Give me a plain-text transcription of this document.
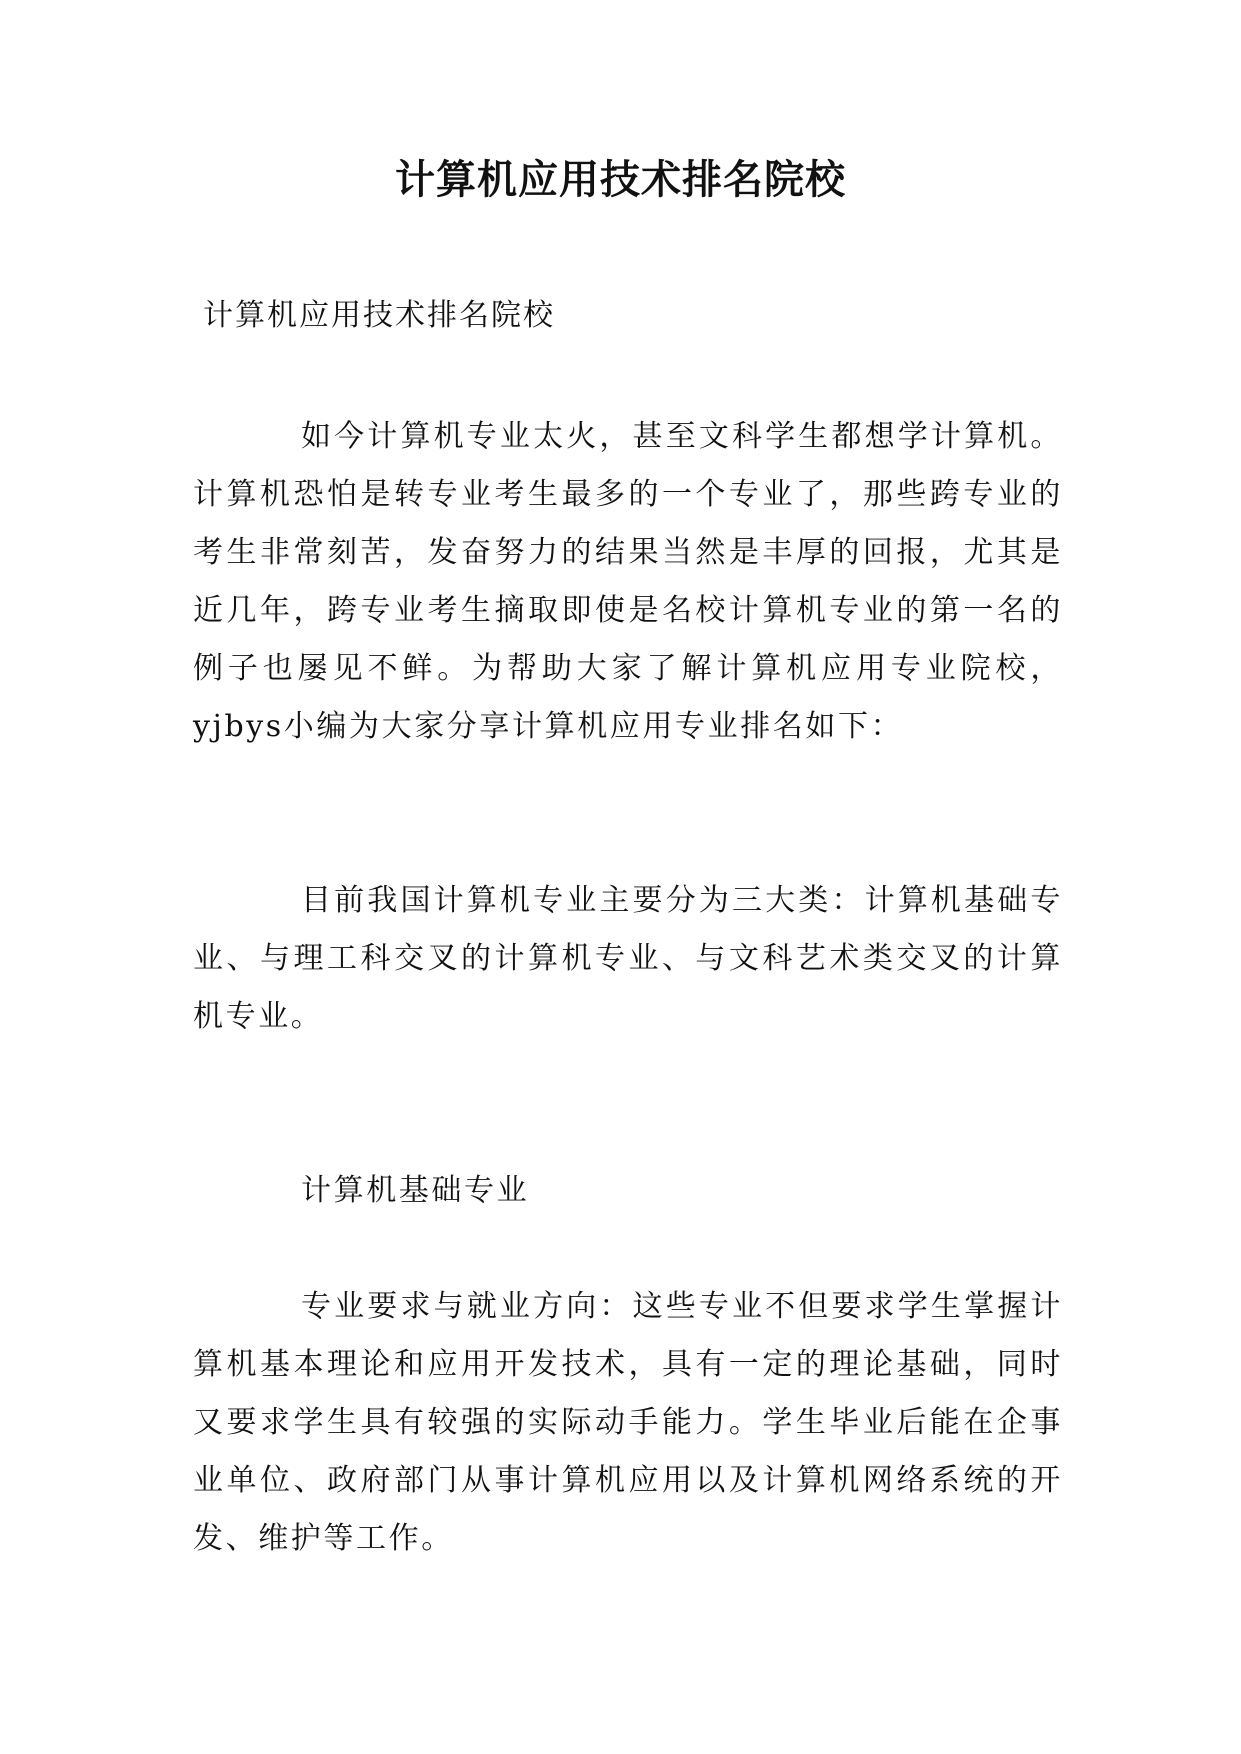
计算机应用技术排名院校

计算机应用技术排名院校

如今计算机专业太火，甚至文科学生都想学计算机。计算机恐怕是转专业考生最多的一个专业了，那些跨专业的考生非常刻苦，发奋努力的结果当然是丰厚的回报，尤其是近几年，跨专业考生摘取即使是名校计算机专业的第一名的例子也屡见不鲜。为帮助大家了解计算机应用专业院校，yjbys小编为大家分享计算机应用专业排名如下：

目前我国计算机专业主要分为三大类：计算机基础专业、与理工科交叉的计算机专业、与文科艺术类交叉的计算机专业。

计算机基础专业

专业要求与就业方向：这些专业不但要求学生掌握计算机基本理论和应用开发技术，具有一定的理论基础，同时又要求学生具有较强的实际动手能力。学生毕业后能在企事业单位、政府部门从事计算机应用以及计算机网络系统的开发、维护等工作。
